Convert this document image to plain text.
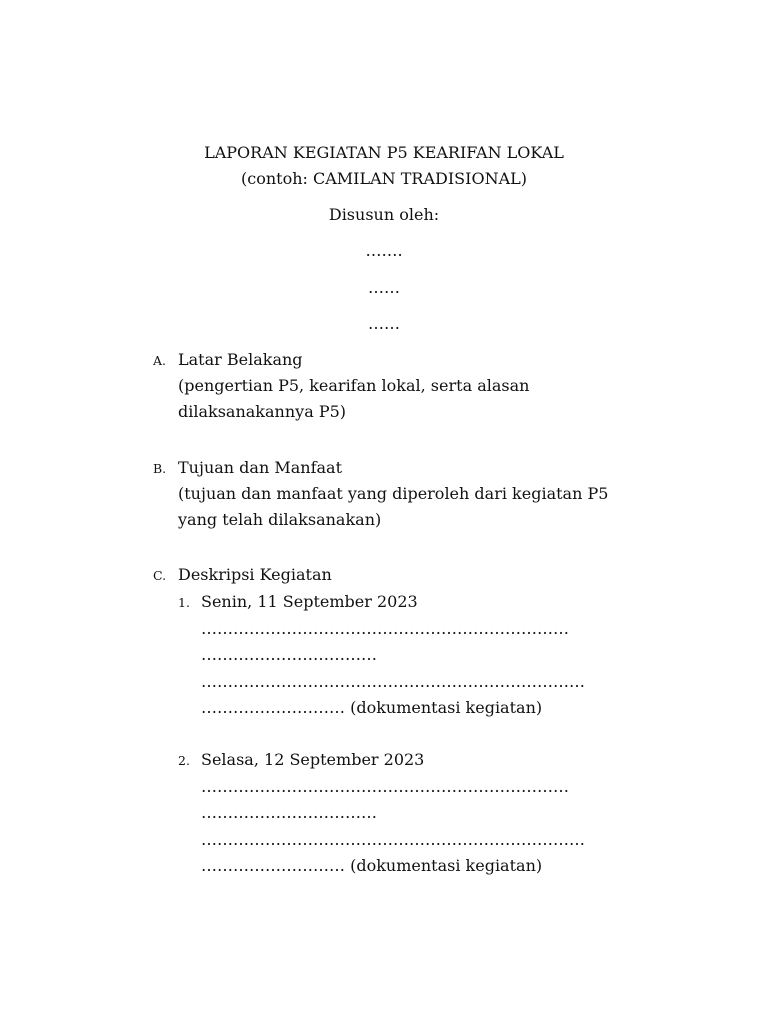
LAPORAN KEGIATAN P5 KEARIFAN LOKAL
(contoh: CAMILAN TRADISIONAL)
Disusun oleh:
…….
……
……
A. Latar Belakang
(pengertian P5, kearifan lokal, serta alasan
dilaksanakannya P5)
B. Tujuan dan Manfaat
(tujuan dan manfaat yang diperoleh dari kegiatan P5
yang telah dilaksanakan)
C. Deskripsi Kegiatan
1. Senin, 11 September 2023
……………………………………………………………
……………………………
………………………………………………………………
……………………… (dokumentasi kegiatan)
2. Selasa, 12 September 2023
……………………………………………………………
……………………………
………………………………………………………………
……………………… (dokumentasi kegiatan)
